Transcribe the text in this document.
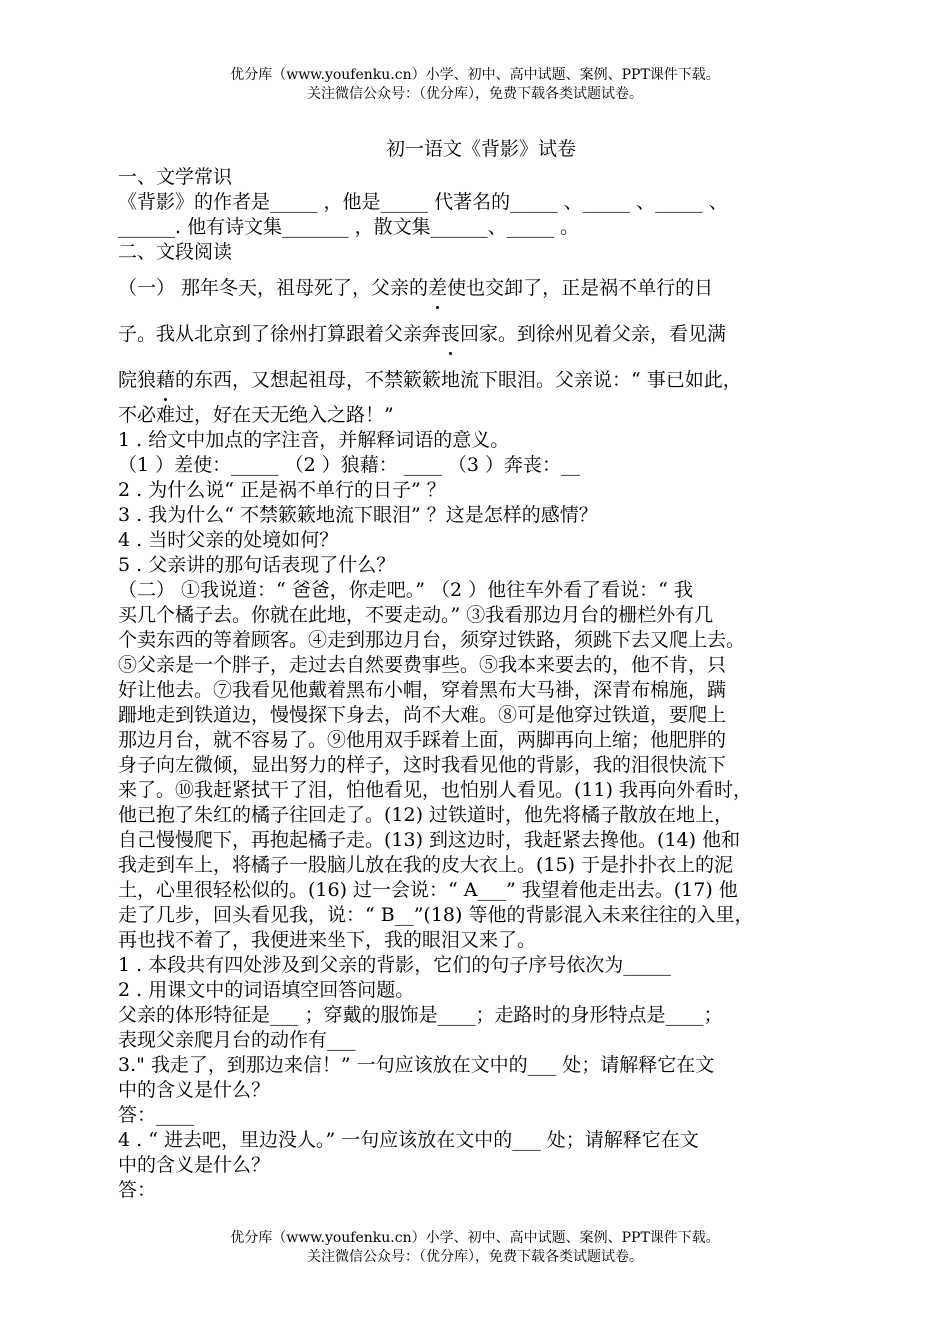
优分库（www.youfenku.cn）小学、初中、高中试题、案例、PPT课件下载。
关注微信公众号：（优分库），免费下载各类试题试卷。
初一语文《背影》试卷
一、文学常识
《背影》的作者是_____ ，他是_____ 代著名的_____ 、_____ 、_____ 、
______. 他有诗文集_______ ，散文集______、_____ 。
二、文段阅读
（一） 那年冬天，祖母死了，父亲的差使也交卸了，正是祸不单行的日
子。我从北京到了徐州打算跟着父亲奔丧回家。到徐州见着父亲，看见满
院狼藉的东西，又想起祖母，不禁簌簌地流下眼泪。父亲说：“ 事已如此，
不必难过，好在天无绝入之路！”
1 . 给文中加点的字注音，并解释词语的意义。
（1 ）差使：_____ （2 ）狼藉： ____ （3 ）奔丧：__
2 . 为什么说“ 正是祸不单行的日子” ？
3 . 我为什么“ 不禁簌簌地流下眼泪” ？这是怎样的感情？
4 . 当时父亲的处境如何？
5 . 父亲讲的那句话表现了什么？
（二） ①我说道：“ 爸爸，你走吧。” （2 ）他往车外看了看说：“ 我
买几个橘子去。你就在此地，不要走动。” ③我看那边月台的栅栏外有几
个卖东西的等着顾客。④走到那边月台，须穿过铁路，须跳下去又爬上去。
⑤父亲是一个胖子，走过去自然要费事些。⑤我本来要去的，他不肯，只
好让他去。⑦我看见他戴着黑布小帽，穿着黑布大马褂，深青布棉施，蹒
跚地走到铁道边，慢慢探下身去，尚不大难。⑧可是他穿过铁道，要爬上
那边月台，就不容易了。⑨他用双手踩着上面，两脚再向上缩；他肥胖的
身子向左微倾，显出努力的样子，这时我看见他的背影，我的泪很快流下
来了。⑩我赶紧拭干了泪，怕他看见，也怕别人看见。(11) 我再向外看时，
他已抱了朱红的橘子往回走了。(12) 过铁道时，他先将橘子散放在地上，
自己慢慢爬下，再抱起橘子走。(13) 到这边时，我赶紧去搀他。(14) 他和
我走到车上，将橘子一股脑儿放在我的皮大衣上。(15) 于是扑扑衣上的泥
土，心里很轻松似的。(16) 过一会说：“ A___” 我望着他走出去。(17) 他
走了几步，回头看见我，说：“ B__”(18) 等他的背影混入未来往往的入里，
再也找不着了，我便进来坐下，我的眼泪又来了。
1 . 本段共有四处涉及到父亲的背影，它们的句子序号依次为_____
2 . 用课文中的词语填空回答问题。
父亲的体形特征是___ ；穿戴的服饰是____；走路时的身形特点是____；
表现父亲爬月台的动作有___
3." 我走了，到那边来信！” 一句应该放在文中的___ 处；请解释它在文
中的含义是什么？
答：____
4 . “ 进去吧，里边没人。” 一句应该放在文中的___ 处；请解释它在文
中的含义是什么？
答：
优分库（www.youfenku.cn）小学、初中、高中试题、案例、PPT课件下载。
关注微信公众号：（优分库），免费下载各类试题试卷。
